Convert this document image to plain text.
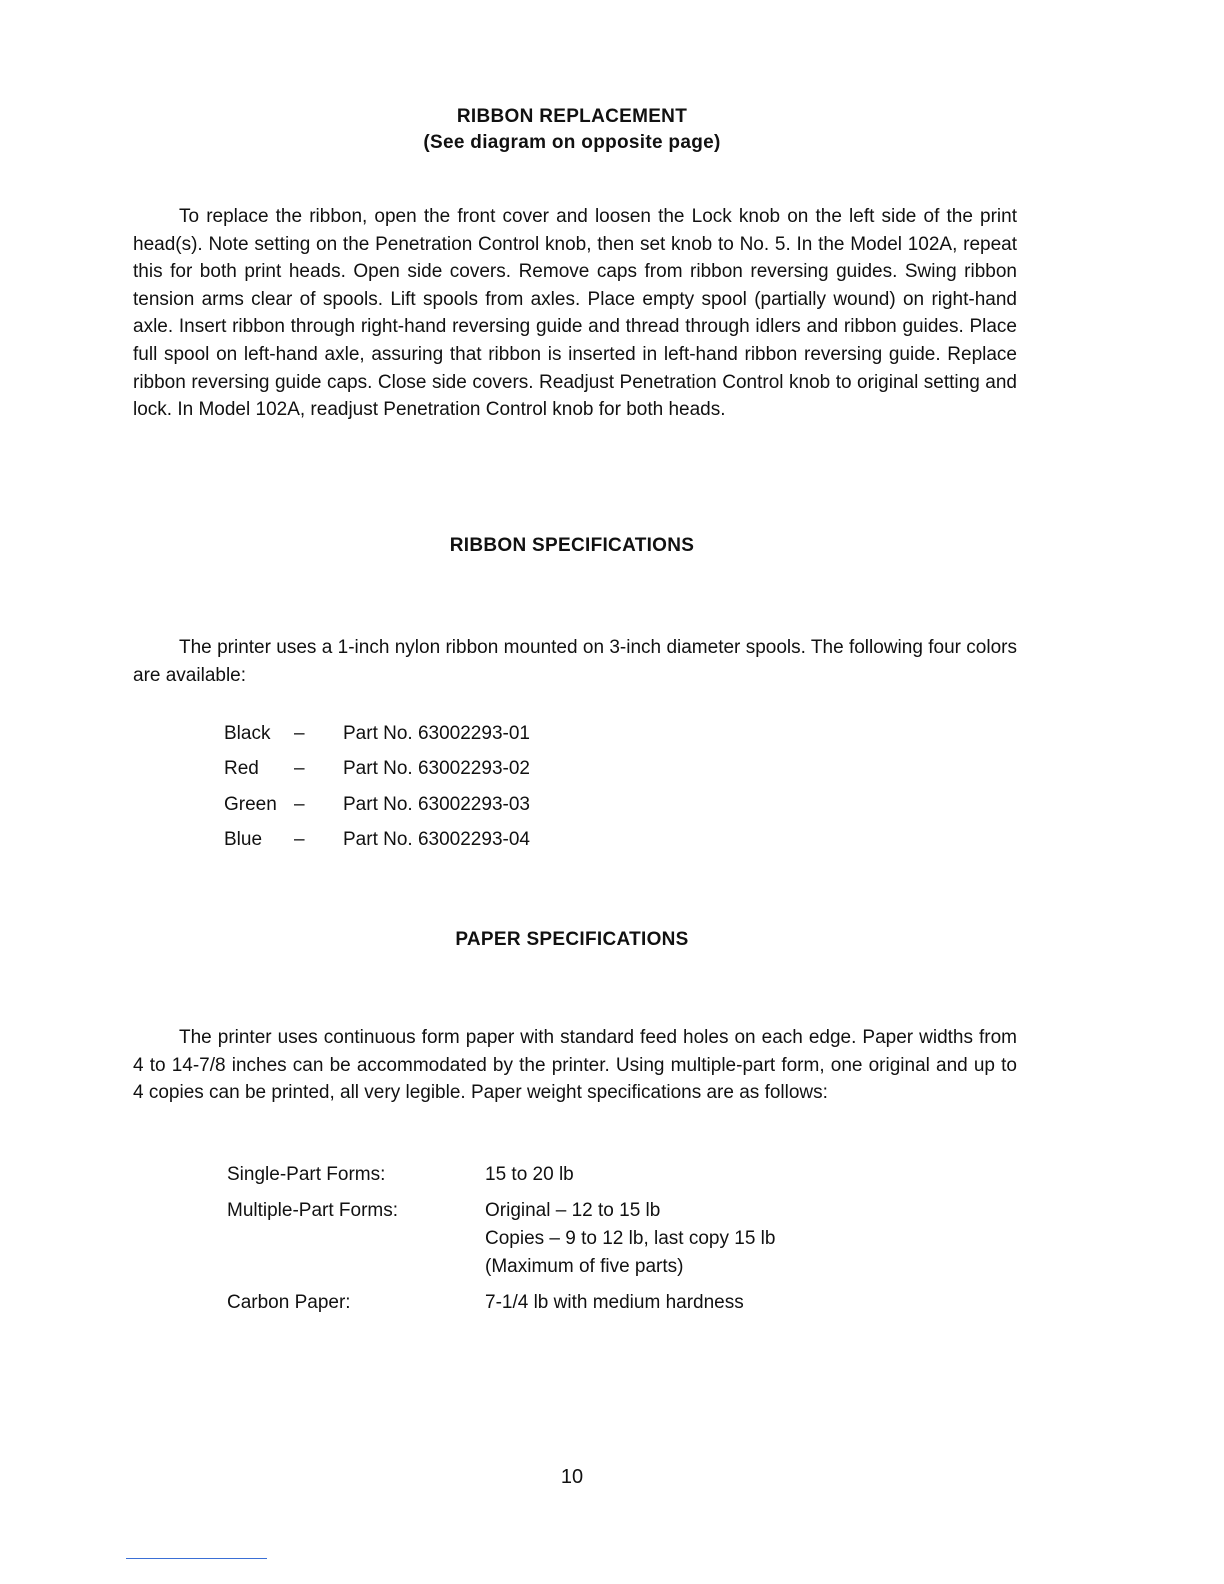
RIBBON REPLACEMENT
(See diagram on opposite page)

To replace the ribbon, open the front cover and loosen the Lock knob on the left side of the print head(s). Note setting on the Penetration Control knob, then set knob to No. 5. In the Model 102A, repeat this for both print heads. Open side covers. Remove caps from ribbon reversing guides. Swing ribbon tension arms clear of spools. Lift spools from axles. Place empty spool (partially wound) on right-hand axle. Insert ribbon through right-hand reversing guide and thread through idlers and ribbon guides. Place full spool on left-hand axle, assuring that ribbon is inserted in left-hand ribbon reversing guide. Replace ribbon reversing guide caps. Close side covers. Readjust Penetration Control knob to original setting and lock. In Model 102A, readjust Penetration Control knob for both heads.

RIBBON SPECIFICATIONS

The printer uses a 1-inch nylon ribbon mounted on 3-inch diameter spools. The following four colors are available:

Black	–	Part No. 63002293-01
Red	–	Part No. 63002293-02
Green	–	Part No. 63002293-03
Blue	–	Part No. 63002293-04
PAPER SPECIFICATIONS

The printer uses continuous form paper with standard feed holes on each edge. Paper widths from 4 to 14-7/8 inches can be accommodated by the printer. Using multiple-part form, one original and up to 4 copies can be printed, all very legible. Paper weight specifications are as follows:

Single-Part Forms:	15 to 20 lb
Multiple-Part Forms:	Original – 12 to 15 lb
Copies – 9 to 12 lb, last copy 15 lb
(Maximum of five parts)

Carbon Paper:	7-1/4 lb with medium hardness
10
